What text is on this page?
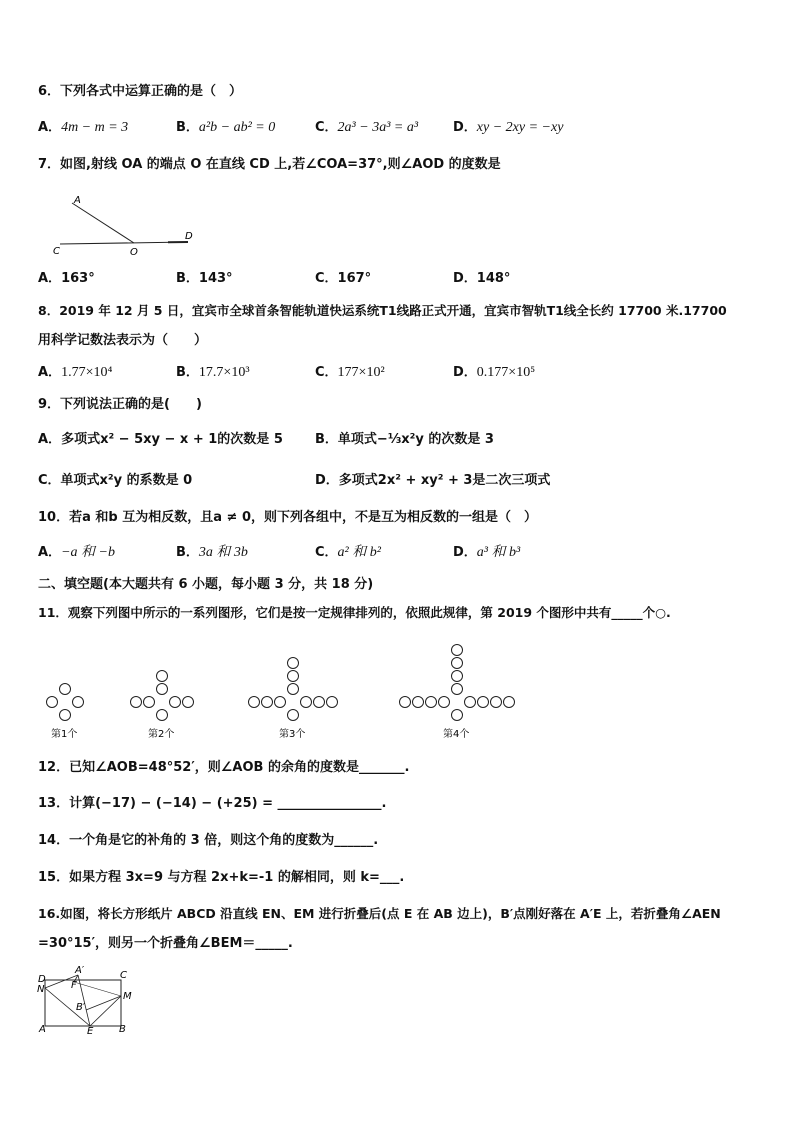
6．下列各式中运算正确的是（　）
A．4m − m = 3	B．a²b − ab² = 0	C．2a³ − 3a³ = a³	D．xy − 2xy = −xy
7．如图,射线 OA 的端点 O 在直线 CD 上,若∠COA=37°,则∠AOD 的度数是
A
C	O
D
A．163°	B．143°	C．167°	D．148°
8．2019 年 12 月 5 日，宜宾市全球首条智能轨道快运系统T1线路正式开通，宜宾市智轨T1线全长约 17700 米.17700
用科学记数法表示为（　　）
A．1.77×10⁴	B．17.7×10³	C．177×10²	D．0.177×10⁵
9．下列说法正确的是(　　)
A．多项式x² − 5xy − x + 1的次数是 5 B．单项式−⅓x²y 的次数是 3
C．单项式x²y 的系数是 0	D．多项式2x² + xy² + 3是二次三项式
10．若a 和b 互为相反数，且a ≠ 0，则下列各组中，不是互为相反数的一组是（　）
A．−a 和 −b	B．3a 和 3b	C．a² 和 b²	D．a³ 和 b³
二、填空题(本大题共有 6 小题，每小题 3 分，共 18 分)
11．观察下列图中所示的一系列图形，它们是按一定规律排列的，依照此规律，第 2019 个图形中共有_____个○.
第1个	第2个	第3个	第4个
12．已知∠AOB=48°52′，则∠AOB 的余角的度数是_______.
13．计算(−17) − (−14) − (+25) = ________________.
14．一个角是它的补角的 3 倍，则这个角的度数为______.
15．如果方程 3x=9 与方程 2x+k=-1 的解相同，则 k=___.
16.如图，将长方形纸片 ABCD 沿直线 EN、EM 进行折叠后(点 E 在 AB 边上)，B′点刚好落在 A′E 上，若折叠角∠AEN
=30°15′，则另一个折叠角∠BEM＝_____.
D
A′	C
N	F
M
B′
A	E	B
